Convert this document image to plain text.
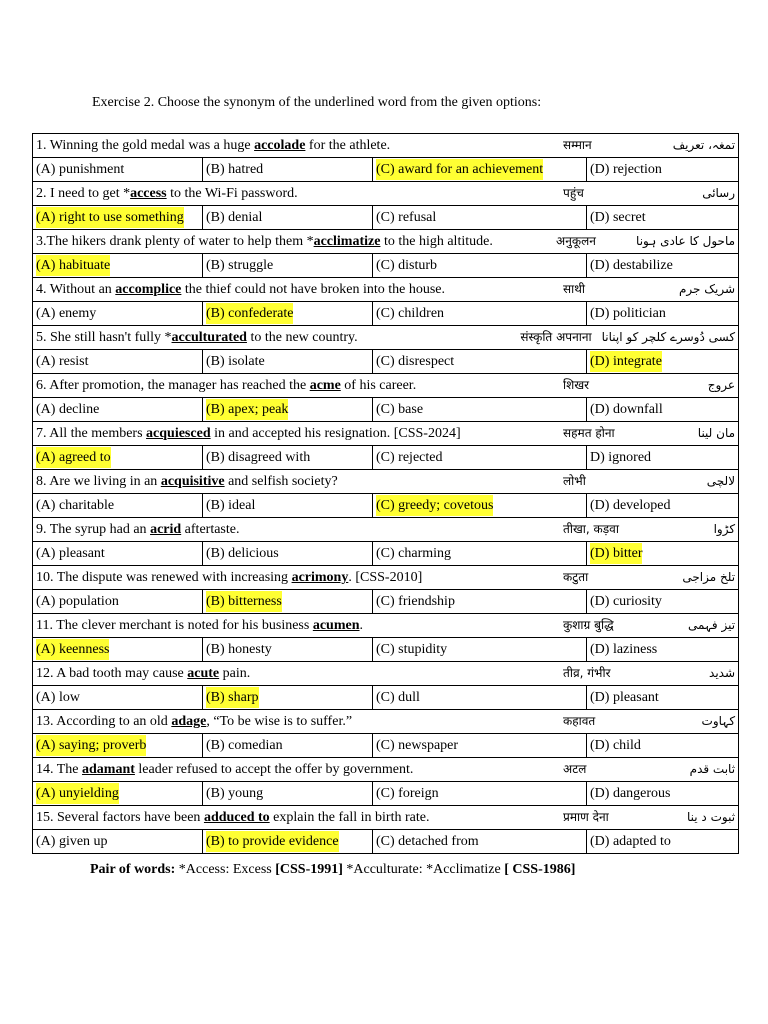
Exercise 2. Choose the synonym of the underlined word from the given options:
1. Winning the gold medal was a huge accolade for the athlete. सम्मान تمغہ، تعریف			

(A) punishment	(B) hatred	(C) award for an achievement	(D) rejection

2. I need to get *access to the Wi-Fi password. पहुंच رسائی			

(A) right to use something	(B) denial	(C) refusal	(D) secret

3.The hikers drank plenty of water to help them *acclimatize to the high altitude. अनुकूलन ماحول کا عادی ہونا			

(A) habituate	(B) struggle	(C) disturb	(D) destabilize

4. Without an accomplice the thief could not have broken into the house. साथी شریک جرم			

(A) enemy	(B) confederate	(C) children	(D) politician

5. She still hasn't fully *acculturated to the new country. संस्कृति अपनाना کسی دُوسرے کلچر کو اپنانا			

(A) resist	(B) isolate	(C) disrespect	(D) integrate

6. After promotion, the manager has reached the acme of his career. शिखर عروج			

(A) decline	(B) apex; peak	(C) base	(D) downfall

7. All the members acquiesced in and accepted his resignation. [CSS-2024] सहमत होना مان لینا			

(A) agreed to	(B) disagreed with	(C) rejected	D) ignored

8. Are we living in an acquisitive and selfish society? लोभी لالچی			

(A) charitable	(B) ideal	(C) greedy; covetous	(D) developed

9. The syrup had an acrid aftertaste. तीखा, कड़वा کڑوا			

(A) pleasant	(B) delicious	(C) charming	(D) bitter

10. The dispute was renewed with increasing acrimony. [CSS-2010] कटुता تلخ مزاجی			

(A) population	(B) bitterness	(C) friendship	(D) curiosity

11. The clever merchant is noted for his business acumen. कुशाग्र बुद्धि تیز فہمی			

(A) keenness	(B) honesty	(C) stupidity	(D) laziness

12. A bad tooth may cause acute pain. तीव्र, गंभीर شدید			

(A) low	(B) sharp	(C) dull	(D) pleasant

13. According to an old adage, “To be wise is to suffer.” कहावत کہاوت			

(A) saying; proverb	(B) comedian	(C) newspaper	(D) child

14. The adamant leader refused to accept the offer by government. अटल ثابت قدم			

(A) unyielding	(B) young	(C) foreign	(D) dangerous

15. Several factors have been adduced to explain the fall in birth rate. प्रमाण देना ثبوت د ینا			

(A) given up	(B) to provide evidence	(C) detached from	(D) adapted to
Pair of words: *Access: Excess [CSS-1991] *Acculturate: *Acclimatize [ CSS-1986]
